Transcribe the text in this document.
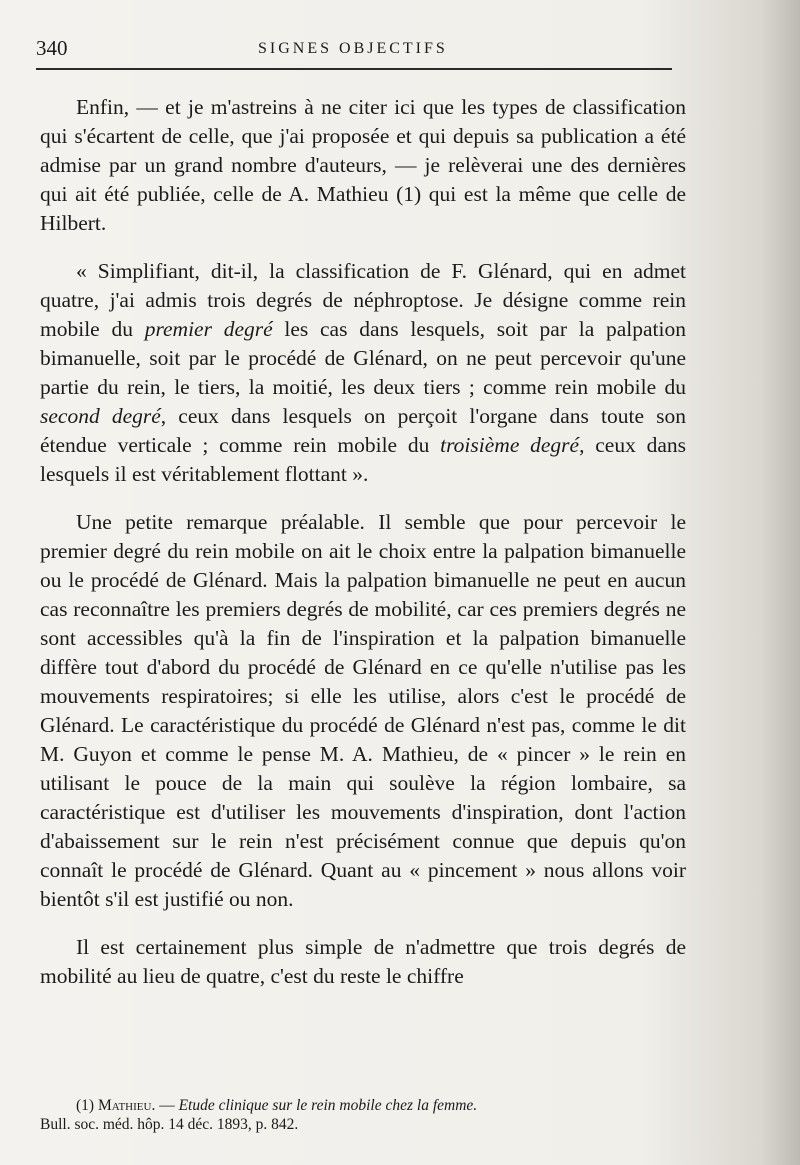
340	SIGNES OBJECTIFS

Enfin, — et je m'astreins à ne citer ici que les types de classification qui s'écartent de celle, que j'ai proposée et qui depuis sa publication a été admise par un grand nombre d'auteurs, — je relèverai une des dernières qui ait été publiée, celle de A. Mathieu (1) qui est la même que celle de Hilbert.

« Simplifiant, dit-il, la classification de F. Glénard, qui en admet quatre, j'ai admis trois degrés de néphroptose. Je désigne comme rein mobile du premier degré les cas dans lesquels, soit par la palpation bimanuelle, soit par le procédé de Glénard, on ne peut percevoir qu'une partie du rein, le tiers, la moitié, les deux tiers ; comme rein mobile du second degré, ceux dans lesquels on perçoit l'organe dans toute son étendue verticale ; comme rein mobile du troisième degré, ceux dans lesquels il est véritablement flottant ».

Une petite remarque préalable. Il semble que pour percevoir le premier degré du rein mobile on ait le choix entre la palpation bimanuelle ou le procédé de Glénard. Mais la palpation bimanuelle ne peut en aucun cas reconnaître les premiers degrés de mobilité, car ces premiers degrés ne sont accessibles qu'à la fin de l'inspiration et la palpation bimanuelle diffère tout d'abord du procédé de Glénard en ce qu'elle n'utilise pas les mouvements respiratoires; si elle les utilise, alors c'est le procédé de Glénard. Le caractéristique du procédé de Glénard n'est pas, comme le dit M. Guyon et comme le pense M. A. Mathieu, de « pincer » le rein en utilisant le pouce de la main qui soulève la région lombaire, sa caractéristique est d'utiliser les mouvements d'inspiration, dont l'action d'abaissement sur le rein n'est précisément connue que depuis qu'on connaît le procédé de Glénard. Quant au « pincement » nous allons voir bientôt s'il est justifié ou non.

Il est certainement plus simple de n'admettre que trois degrés de mobilité au lieu de quatre, c'est du reste le chiffre

(1) Mathieu. — Etude clinique sur le rein mobile chez la femme.
Bull. soc. méd. hôp. 14 déc. 1893, p. 842.
